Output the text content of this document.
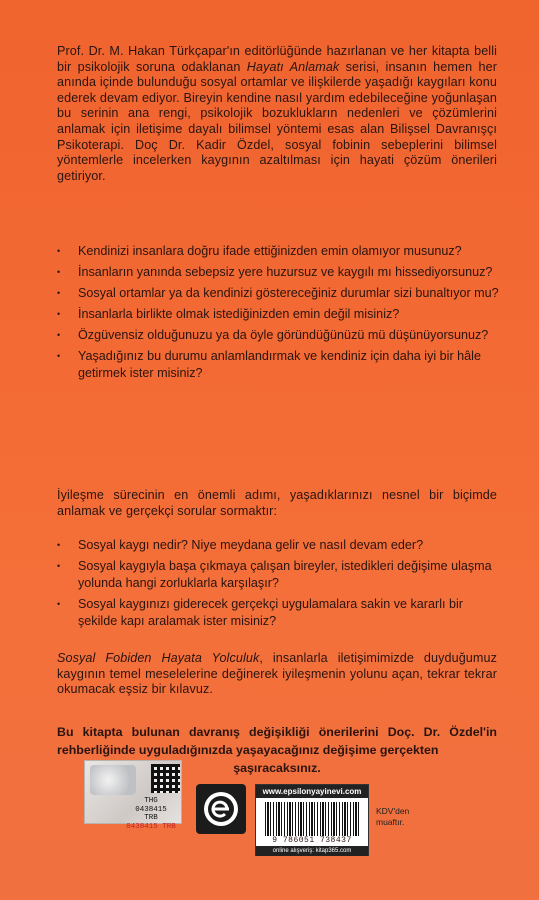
Prof. Dr. M. Hakan Türkçapar'ın editörlüğünde hazırlanan ve her kitapta belli bir psikolojik soruna odaklanan Hayatı Anlamak serisi, insanın hemen her anında içinde bulunduğu sosyal ortamlar ve ilişkilerde yaşadığı kaygıları konu ederek devam ediyor. Bireyin kendine nasıl yardım edebileceğine yoğunlaşan bu serinin ana rengi, psikolojik bozuklukların nedenleri ve çözümlerini anlamak için iletişime dayalı bilimsel yöntemi esas alan Bilişsel Davranışçı Psikoterapi. Doç Dr. Kadir Özdel, sosyal fobinin sebeplerini bilimsel yöntemlerle incelerken kaygının azaltılması için hayati çözüm önerileri getiriyor.

• Kendinizi insanlara doğru ifade ettiğinizden emin olamıyor musunuz?
• İnsanların yanında sebepsiz yere huzursuz ve kaygılı mı hissediyorsunuz?
• Sosyal ortamlar ya da kendinizi göstereceğiniz durumlar sizi bunaltıyor mu?
• İnsanlarla birlikte olmak istediğinizden emin değil misiniz?
• Özgüvensiz olduğunuzu ya da öyle göründüğünüzü mü düşünüyorsunuz?
• Yaşadığınız bu durumu anlamlandırmak ve kendiniz için daha iyi bir hâle getirmek ister misiniz?

İyileşme sürecinin en önemli adımı, yaşadıklarınızı nesnel bir biçimde anlamak ve gerçekçi sorular sormaktır:

• Sosyal kaygı nedir? Niye meydana gelir ve nasıl devam eder?
• Sosyal kaygıyla başa çıkmaya çalışan bireyler, istedikleri değişime ulaşma yolunda hangi zorluklarla karşılaşır?
• Sosyal kaygınızı giderecek gerçekçi uygulamalara sakin ve kararlı bir şekilde kapı aralamak ister misiniz?

Sosyal Fobiden Hayata Yolculuk, insanlarla iletişimimizde duyduğumuz kaygının temel meselelerine değinerek iyileşmenin yolunu açan, tekrar tekrar okumacak eşsiz bir kılavuz.

Bu kitapta bulunan davranış değişikliği önerilerini Doç. Dr. Özdel'in rehberliğinde uyguladığınızda yaşayacağınız değişime gerçekten
şaşıracaksınız.

THG
0438415
TRB
0438415 TRB
www.epsilonyayinevi.com
9 786051 738437
online alışveriş: kitap365.com
KDV'den muaftır.
